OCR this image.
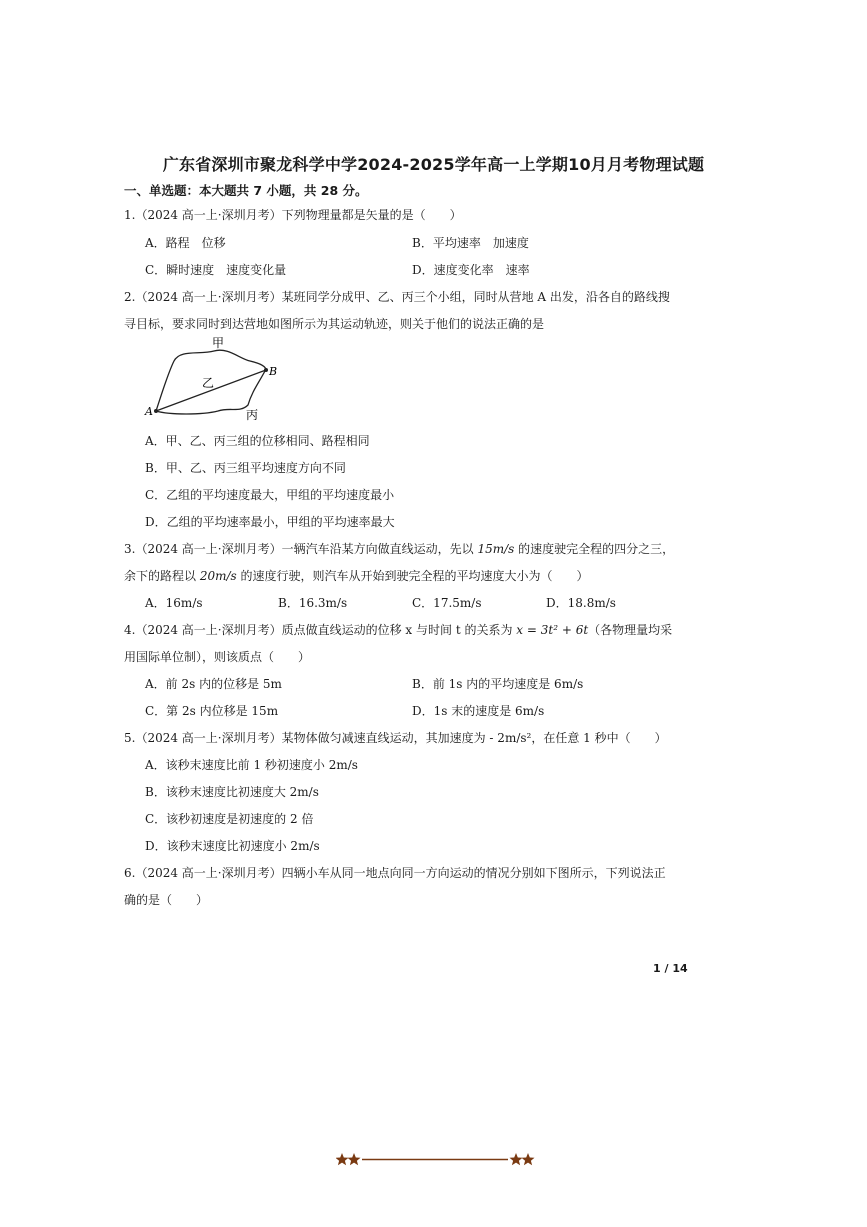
广东省深圳市聚龙科学中学2024-2025学年高一上学期10月月考物理试题
一、单选题：本大题共 7 小题，共 28 分。
1.（2024 高一上·深圳月考）下列物理量都是矢量的是（　　）
A．路程　位移	B．平均速率　加速度
C．瞬时速度　速度变化量	D．速度变化率　速率
2.（2024 高一上·深圳月考）某班同学分成甲、乙、丙三个小组，同时从营地 A 出发，沿各自的路线搜
寻目标，要求同时到达营地如图所示为其运动轨迹，则关于他们的说法正确的是
甲
乙
丙
A
B
A．甲、乙、丙三组的位移相同、路程相同
B．甲、乙、丙三组平均速度方向不同
C．乙组的平均速度最大，甲组的平均速度最小
D．乙组的平均速率最小，甲组的平均速率最大
3.（2024 高一上·深圳月考）一辆汽车沿某方向做直线运动，先以 15m/s 的速度驶完全程的四分之三，
余下的路程以 20m/s 的速度行驶，则汽车从开始到驶完全程的平均速度大小为（　　）
A．16m/s	B．16.3m/s	C．17.5m/s	D．18.8m/s
4.（2024 高一上·深圳月考）质点做直线运动的位移 x 与时间 t 的关系为 x = 3t² + 6t（各物理量均采
用国际单位制），则该质点（　　）
A．前 2s 内的位移是 5m	B．前 1s 内的平均速度是 6m/s
C．第 2s 内位移是 15m	D．1s 末的速度是 6m/s
5.（2024 高一上·深圳月考）某物体做匀减速直线运动，其加速度为 - 2m/s²，在任意 1 秒中（　　）
A．该秒末速度比前 1 秒初速度小 2m/s
B．该秒末速度比初速度大 2m/s
C．该秒初速度是初速度的 2 倍
D．该秒末速度比初速度小 2m/s
6.（2024 高一上·深圳月考）四辆小车从同一地点向同一方向运动的情况分别如下图所示，下列说法正
确的是（　　）
1 / 14
